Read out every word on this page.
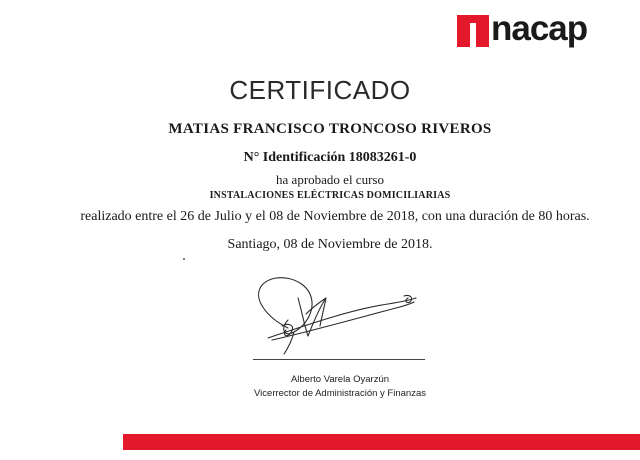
nacap
CERTIFICADO
MATIAS FRANCISCO TRONCOSO RIVEROS
N° Identificación 18083261-0
ha aprobado el curso
INSTALACIONES ELÉCTRICAS DOMICILIARIAS
realizado entre el 26 de Julio y el 08 de Noviembre de 2018, con una duración de 80 horas.
Santiago, 08 de Noviembre de 2018.
Alberto Varela Oyarzún
Vicerrector de Administración y Finanzas
